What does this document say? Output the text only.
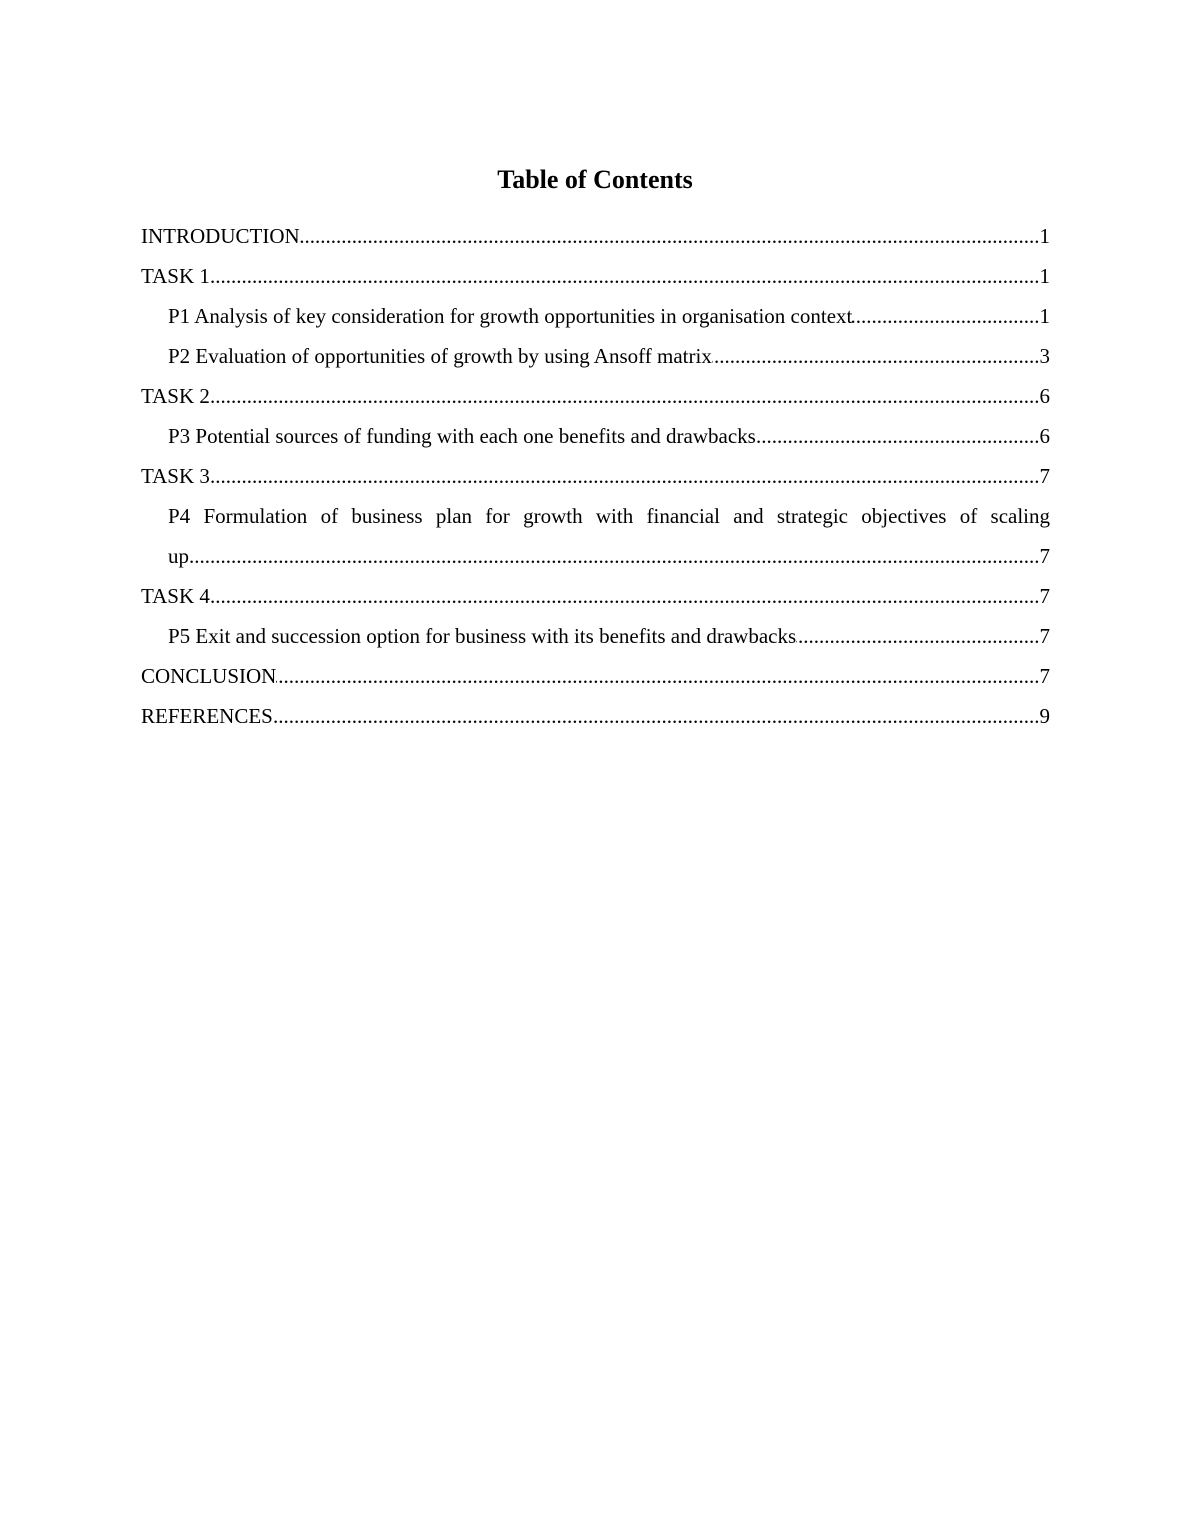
Table of Contents
INTRODUCTION .....	1
TASK 1 .....	1
P1 Analysis of key consideration for growth opportunities in organisation context .....	1
P2 Evaluation of opportunities of growth by using Ansoff matrix .....	3
TASK 2 .....	6
P3 Potential sources of funding with each one benefits and drawbacks .....	6
TASK 3 .....	7
P4 Formulation of business plan for growth with financial and strategic objectives of scaling
up .....	7
TASK 4 .....	7
P5 Exit and succession option for business with its benefits and drawbacks .....	7
CONCLUSION .....	7
REFERENCES .....	9
